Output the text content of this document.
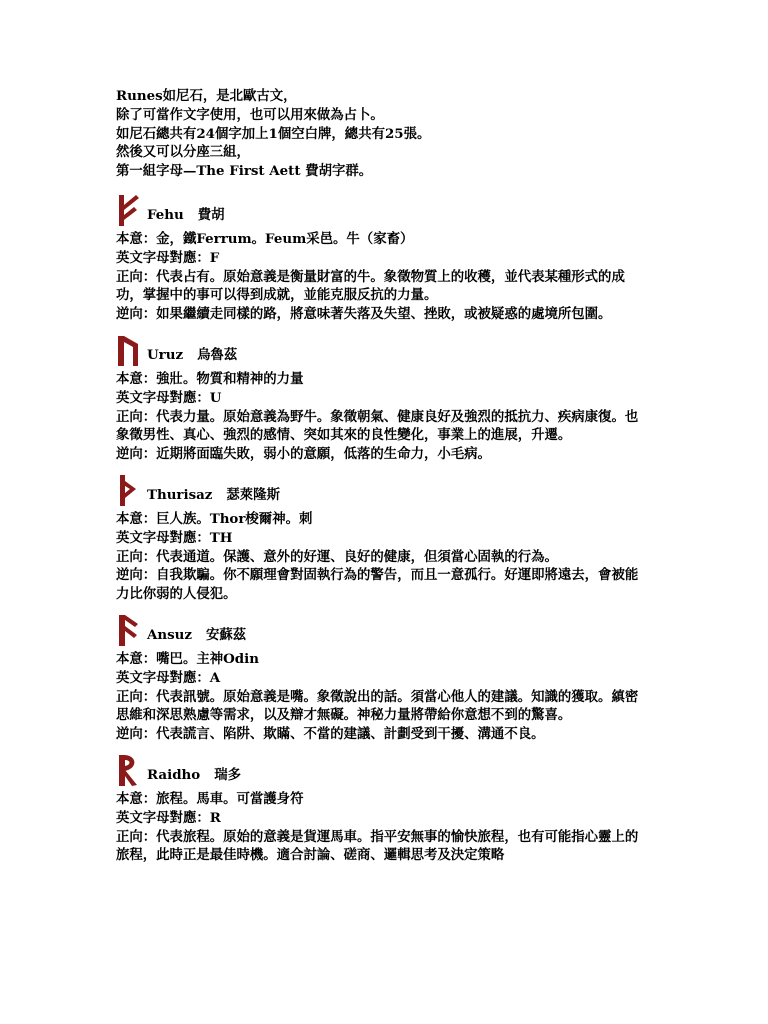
Runes如尼石，是北歐古文，
除了可當作文字使用，也可以用來做為占卜。
如尼石總共有24個字加上1個空白牌，總共有25張。
然後又可以分座三組，
第一組字母—The First Aett 費胡字群。
Fehu 費胡
本意：金，鐵Ferrum。Feum采邑。牛（家畜）
英文字母對應：F
正向：代表占有。原始意義是衡量財富的牛。象徵物質上的收穫，並代表某種形式的成功，掌握中的事可以得到成就，並能克服反抗的力量。
逆向：如果繼續走同樣的路，將意味著失落及失望、挫敗，或被疑惑的處境所包圍。
Uruz 烏魯茲
本意：強壯。物質和精神的力量
英文字母對應：U
正向：代表力量。原始意義為野牛。象徵朝氣、健康良好及強烈的抵抗力、疾病康復。也象徵男性、真心、強烈的感情、突如其來的良性變化，事業上的進展，升遷。
逆向：近期將面臨失敗，弱小的意願，低落的生命力，小毛病。
Thurisaz 瑟萊隆斯
本意：巨人族。Thor梭爾神。刺
英文字母對應：TH
正向：代表通道。保護、意外的好運、良好的健康，但須當心固執的行為。
逆向：自我欺騙。你不願理會對固執行為的警告，而且一意孤行。好運即將遠去，會被能力比你弱的人侵犯。
Ansuz 安蘇茲
本意：嘴巴。主神Odin
英文字母對應：A
正向：代表訊號。原始意義是嘴。象徵說出的話。須當心他人的建議。知識的獲取。縝密思維和深思熟慮等需求，以及辯才無礙。神秘力量將帶給你意想不到的驚喜。
逆向：代表謊言、陷阱、欺瞞、不當的建議、計劃受到干擾、溝通不良。
Raidho 瑞多
本意：旅程。馬車。可當護身符
英文字母對應：R
正向：代表旅程。原始的意義是貨運馬車。指平安無事的愉快旅程，也有可能指心靈上的旅程，此時正是最佳時機。適合討論、磋商、邏輯思考及決定策略
